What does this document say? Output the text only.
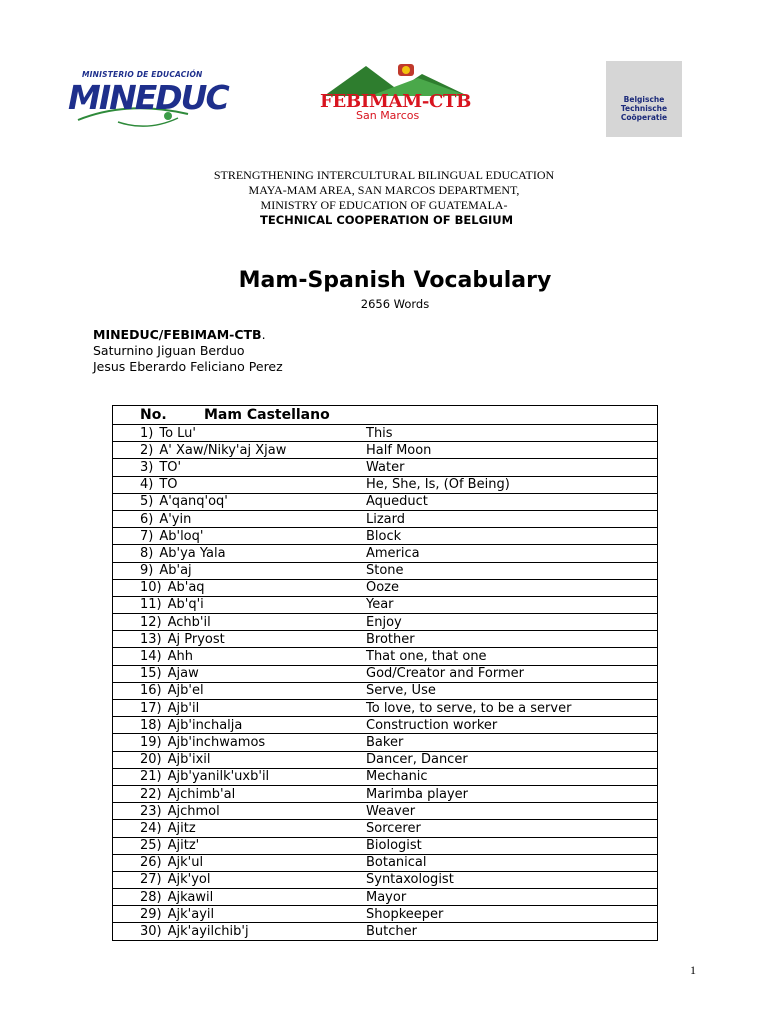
MINISTERIO DE EDUCACIÓN
MINEDUC	FEBIMAM-CTB
San Marcos
Belgische
Technische
Coöperatie
STRENGTHENING INTERCULTURAL BILINGUAL EDUCATION
MAYA-MAM AREA, SAN MARCOS DEPARTMENT,
MINISTRY OF EDUCATION OF GUATEMALA-
TECHNICAL COOPERATION OF BELGIUM
Mam-Spanish Vocabulary
2656 Words
MINEDUC/FEBIMAM-CTB.
Saturnino Jiguan Berduo
Jesus Eberardo Feliciano Perez
No. Mam Castellano	
1) To Lu'	This
2) A' Xaw/Niky'aj Xjaw	Half Moon
3) TO'	Water
4) TO	He, She, Is, (Of Being)
5) A'qanq'oq'	Aqueduct
6) A'yin	Lizard
7) Ab'loq'	Block
8) Ab'ya Yala	America
9) Ab'aj	Stone
10) Ab'aq	Ooze
11) Ab'q'i	Year
12) Achb'il	Enjoy
13) Aj Pryost	Brother
14) Ahh	That one, that one
15) Ajaw	God/Creator and Former
16) Ajb'el	Serve, Use
17) Ajb'il	To love, to serve, to be a server
18) Ajb'inchalja	Construction worker
19) Ajb'inchwamos	Baker
20) Ajb'ixil	Dancer, Dancer
21) Ajb'yanilk'uxb'il	Mechanic
22) Ajchimb'al	Marimba player
23) Ajchmol	Weaver
24) Ajitz	Sorcerer
25) Ajitz'	Biologist
26) Ajk'ul	Botanical
27) Ajk'yol	Syntaxologist
28) Ajkawil	Mayor
29) Ajk'ayil	Shopkeeper
30) Ajk'ayilchib'j	Butcher
1
